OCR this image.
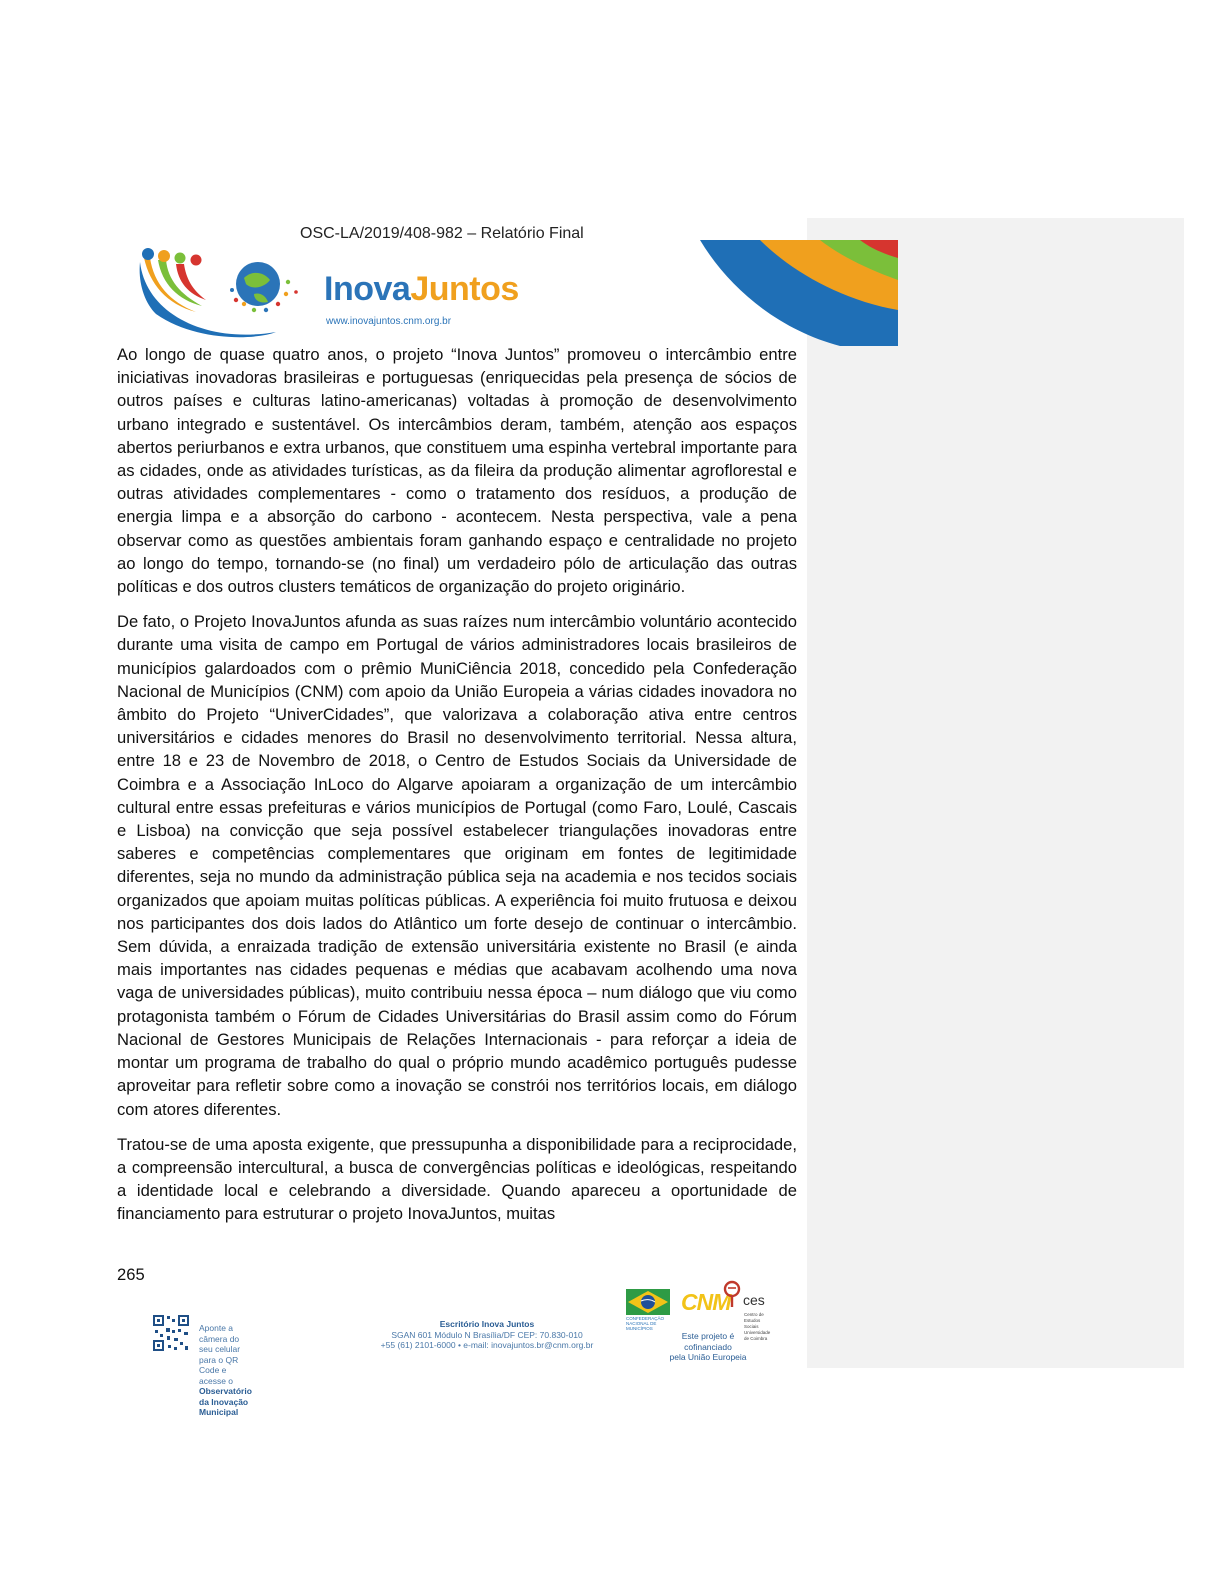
OSC-LA/2019/408-982 – Relatório Final
InovaJuntos
www.inovajuntos.cnm.org.br

Ao longo de quase quatro anos, o projeto “Inova Juntos” promoveu o intercâmbio entre iniciativas inovadoras brasileiras e portuguesas (enriquecidas pela presença de sócios de outros países e culturas latino-americanas) voltadas à promoção de desenvolvimento urbano integrado e sustentável. Os intercâmbios deram, também, atenção aos espaços abertos periurbanos e extra urbanos, que constituem uma espinha vertebral importante para as cidades, onde as atividades turísticas, as da fileira da produção alimentar agroflorestal e outras atividades complementares - como o tratamento dos resíduos, a produção de energia limpa e a absorção do carbono - acontecem. Nesta perspectiva, vale a pena observar como as questões ambientais foram ganhando espaço e centralidade no projeto ao longo do tempo, tornando-se (no final) um verdadeiro pólo de articulação das outras políticas e dos outros clusters temáticos de organização do projeto originário.

De fato, o Projeto InovaJuntos afunda as suas raízes num intercâmbio voluntário acontecido durante uma visita de campo em Portugal de vários administradores locais brasileiros de municípios galardoados com o prêmio MuniCiência 2018, concedido pela Confederação Nacional de Municípios (CNM) com apoio da União Europeia a várias cidades inovadora no âmbito do Projeto “UniverCidades”, que valorizava a colaboração ativa entre centros universitários e cidades menores do Brasil no desenvolvimento territorial. Nessa altura, entre 18 e 23 de Novembro de 2018, o Centro de Estudos Sociais da Universidade de Coimbra e a Associação InLoco do Algarve apoiaram a organização de um intercâmbio cultural entre essas prefeituras e vários municípios de Portugal (como Faro, Loulé, Cascais e Lisboa) na convicção que seja possível estabelecer triangulações inovadoras entre saberes e competências complementares que originam em fontes de legitimidade diferentes, seja no mundo da administração pública seja na academia e nos tecidos sociais organizados que apoiam muitas políticas públicas. A experiência foi muito frutuosa e deixou nos participantes dos dois lados do Atlântico um forte desejo de continuar o intercâmbio. Sem dúvida, a enraizada tradição de extensão universitária existente no Brasil (e ainda mais importantes nas cidades pequenas e médias que acabavam acolhendo uma nova vaga de universidades públicas), muito contribuiu nessa época – num diálogo que viu como protagonista também o Fórum de Cidades Universitárias do Brasil assim como do Fórum Nacional de Gestores Municipais de Relações Internacionais - para reforçar a ideia de montar um programa de trabalho do qual o próprio mundo acadêmico português pudesse aproveitar para refletir sobre como a inovação se constrói nos territórios locais, em diálogo com atores diferentes.

Tratou-se de uma aposta exigente, que pressupunha a disponibilidade para a reciprocidade, a compreensão intercultural, a busca de convergências políticas e ideológicas, respeitando a identidade local e celebrando a diversidade. Quando apareceu a oportunidade de financiamento para estruturar o projeto InovaJuntos, muitas

265
Aponte a câmera do seu celular
para o QR Code e acesse o
Observatório da Inovação Municipal
Escritório Inova Juntos
SGAN 601 Módulo N Brasília/DF CEP: 70.830-010
+55 (61) 2101-6000 • e-mail: inovajuntos.br@cnm.org.br
CNM
CONFEDERAÇÃO NACIONAL DE MUNICÍPIOS
ces
Centro de Estudos Sociais
Universidade de Coimbra
Este projeto é cofinanciado
pela União Europeia
